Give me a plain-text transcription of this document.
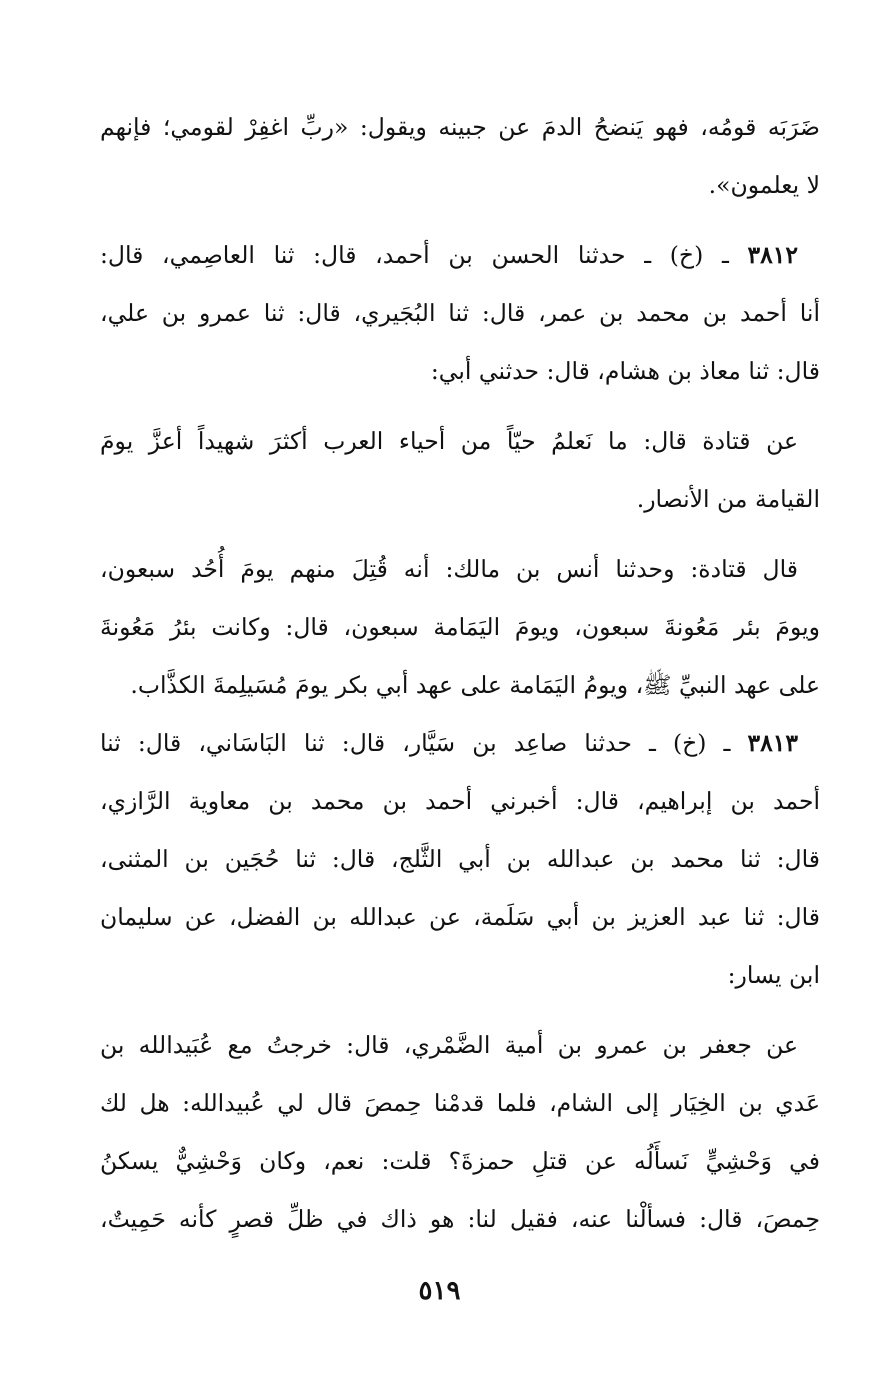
ضَرَبَه قومُه، فهو يَنضحُ الدمَ عن جبينه ويقول: «ربِّ اغفِرْ لقومي؛ فإنهم
لا يعلمون».
٣٨١٢ ـ (خ) ـ حدثنا الحسن بن أحمد، قال: ثنا العاصِمي، قال:
أنا أحمد بن محمد بن عمر، قال: ثنا البُجَيري، قال: ثنا عمرو بن علي،
قال: ثنا معاذ بن هشام، قال: حدثني أبي:
عن قتادة قال: ما نَعلمُ حيّاً من أحياء العرب أكثرَ شهيداً أعزَّ يومَ
القيامة من الأنصار.
قال قتادة: وحدثنا أنس بن مالك: أنه قُتِلَ منهم يومَ أُحُد سبعون،
ويومَ بئر مَعُونةَ سبعون، ويومَ اليَمَامة سبعون، قال: وكانت بئرُ مَعُونةَ
على عهد النبيِّ ﷺ، ويومُ اليَمَامة على عهد أبي بكر يومَ مُسَيلِمةَ الكذَّاب.
٣٨١٣ ـ (خ) ـ حدثنا صاعِد بن سَيَّار، قال: ثنا البَاسَاني، قال: ثنا
أحمد بن إبراهيم، قال: أخبرني أحمد بن محمد بن معاوية الرَّازي،
قال: ثنا محمد بن عبدالله بن أبي الثَّلج، قال: ثنا حُجَين بن المثنى،
قال: ثنا عبد العزيز بن أبي سَلَمة، عن عبدالله بن الفضل، عن سليمان
ابن يسار:
عن جعفر بن عمرو بن أمية الضَّمْري، قال: خرجتُ مع عُبَيدالله بن
عَدي بن الخِيَار إلى الشام، فلما قدمْنا حِمصَ قال لي عُبيدالله: هل لك
في وَحْشِيٍّ نَسأَلُه عن قتلِ حمزةَ؟ قلت: نعم، وكان وَحْشِيٌّ يسكنُ
حِمصَ، قال: فسألْنا عنه، فقيل لنا: هو ذاك في ظلِّ قصرٍ كأنه حَمِيتٌ،
٥١٩
